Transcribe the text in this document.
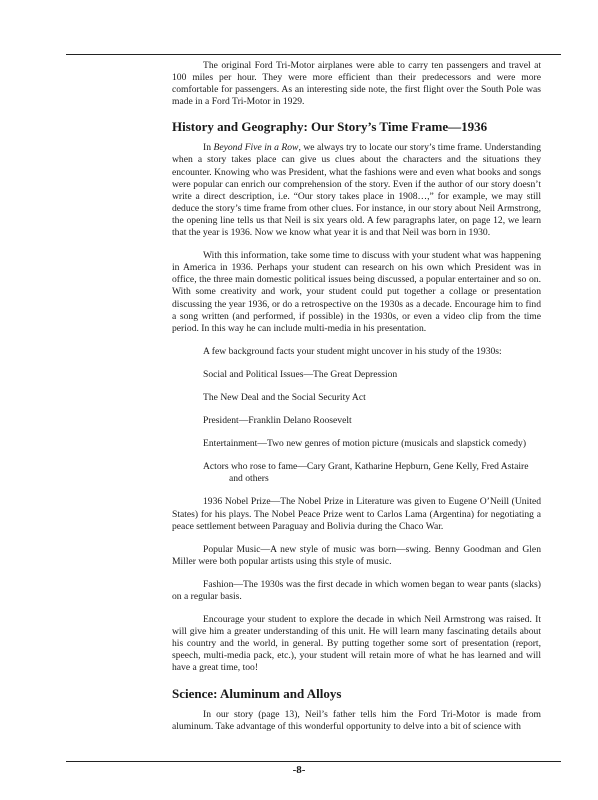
The original Ford Tri-Motor airplanes were able to carry ten passengers and travel at 100 miles per hour. They were more efficient than their predecessors and were more comfortable for passengers. As an interesting side note, the first flight over the South Pole was made in a Ford Tri-Motor in 1929.

History and Geography: Our Story’s Time Frame—1936

In Beyond Five in a Row, we always try to locate our story’s time frame. Understanding when a story takes place can give us clues about the characters and the situations they encounter. Knowing who was President, what the fashions were and even what books and songs were popular can enrich our comprehension of the story. Even if the author of our story doesn’t write a direct description, i.e. “Our story takes place in 1908…,” for example, we may still deduce the story’s time frame from other clues. For instance, in our story about Neil Armstrong, the opening line tells us that Neil is six years old. A few paragraphs later, on page 12, we learn that the year is 1936. Now we know what year it is and that Neil was born in 1930.

With this information, take some time to discuss with your student what was happening in America in 1936. Perhaps your student can research on his own which President was in office, the three main domestic political issues being discussed, a popular entertainer and so on. With some creativity and work, your student could put together a collage or presentation discussing the year 1936, or do a retrospective on the 1930s as a decade. Encourage him to find a song written (and performed, if possible) in the 1930s, or even a video clip from the time period. In this way he can include multi-media in his presentation.

A few background facts your student might uncover in his study of the 1930s:
Social and Political Issues—The Great Depression
The New Deal and the Social Security Act
President—Franklin Delano Roosevelt
Entertainment—Two new genres of motion picture (musicals and slapstick comedy)
Actors who rose to fame—Cary Grant, Katharine Hepburn, Gene Kelly, Fred Astaire and others

1936 Nobel Prize—The Nobel Prize in Literature was given to Eugene O’Neill (United States) for his plays. The Nobel Peace Prize went to Carlos Lama (Argentina) for negotiating a peace settlement between Paraguay and Bolivia during the Chaco War.

Popular Music—A new style of music was born—swing. Benny Goodman and Glen Miller were both popular artists using this style of music.

Fashion—The 1930s was the first decade in which women began to wear pants (slacks) on a regular basis.

Encourage your student to explore the decade in which Neil Armstrong was raised. It will give him a greater understanding of this unit. He will learn many fascinating details about his country and the world, in general. By putting together some sort of presentation (report, speech, multi-media pack, etc.), your student will retain more of what he has learned and will have a great time, too!

Science: Aluminum and Alloys

In our story (page 13), Neil’s father tells him the Ford Tri-Motor is made from aluminum. Take advantage of this wonderful opportunity to delve into a bit of science with

-8-
